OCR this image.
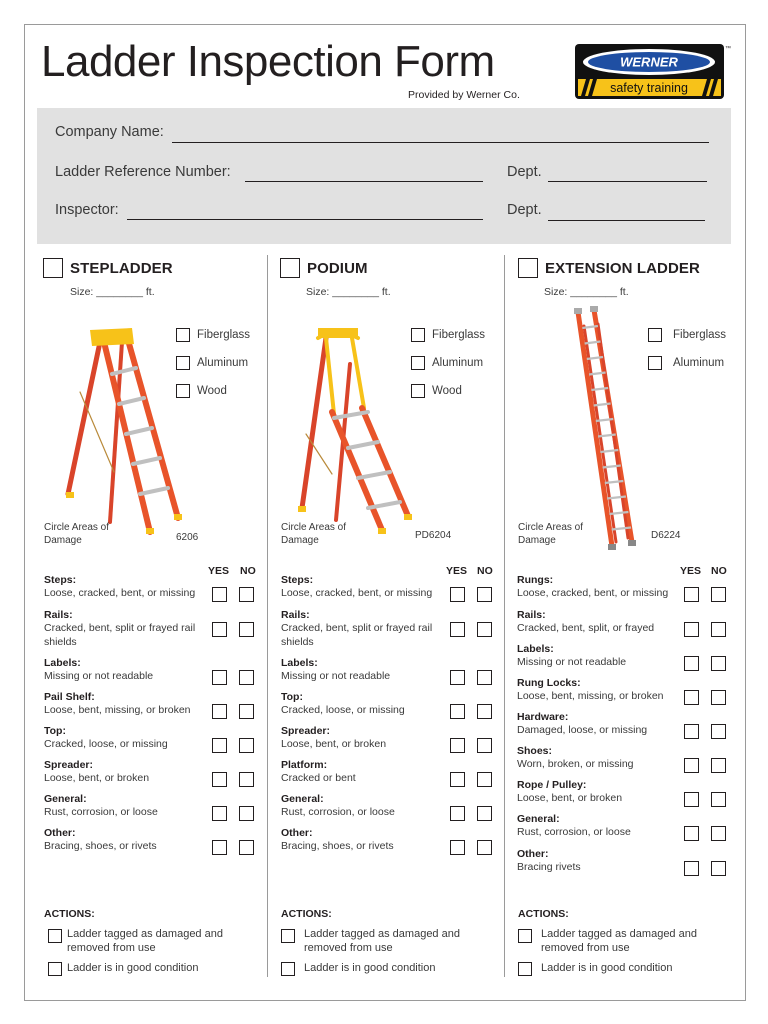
Ladder Inspection Form
Provided by Werner Co.
WERNER
safety training
™
Company Name:
Ladder Reference Number:	Dept.
Inspector:	Dept.
STEPLADDER
Size: ________ ft.
Fiberglass
Aluminum
Wood
Circle Areas of Damage	6206
YES NO
Steps:
Loose, cracked, bent, or missing
Rails:
Cracked, bent, split or frayed rail shields
Labels:
Missing or not readable
Pail Shelf:
Loose, bent, missing, or broken
Top:
Cracked, loose, or missing
Spreader:
Loose, bent, or broken
General:
Rust, corrosion, or loose
Other:
Bracing, shoes, or rivets
ACTIONS:
Ladder tagged as damaged and removed from use
Ladder is in good condition
PODIUM
Size: ________ ft.
Fiberglass
Aluminum
Wood
Circle Areas of Damage	PD6204
YES NO
Steps:
Loose, cracked, bent, or missing
Rails:
Cracked, bent, split or frayed rail shields
Labels:
Missing or not readable
Top:
Cracked, loose, or missing
Spreader:
Loose, bent, or broken
Platform:
Cracked or bent
General:
Rust, corrosion, or loose
Other:
Bracing, shoes, or rivets
ACTIONS:
Ladder tagged as damaged and removed from use
Ladder is in good condition
EXTENSION LADDER
Size: ________ ft.
Fiberglass
Aluminum
Circle Areas of Damage	D6224
YES NO
Rungs:
Loose, cracked, bent, or missing
Rails:
Cracked, bent, split, or frayed
Labels:
Missing or not readable
Rung Locks:
Loose, bent, missing, or broken
Hardware:
Damaged, loose, or missing
Shoes:
Worn, broken, or missing
Rope / Pulley:
Loose, bent, or broken
General:
Rust, corrosion, or loose
Other:
Bracing rivets
ACTIONS:
Ladder tagged as damaged and removed from use
Ladder is in good condition
